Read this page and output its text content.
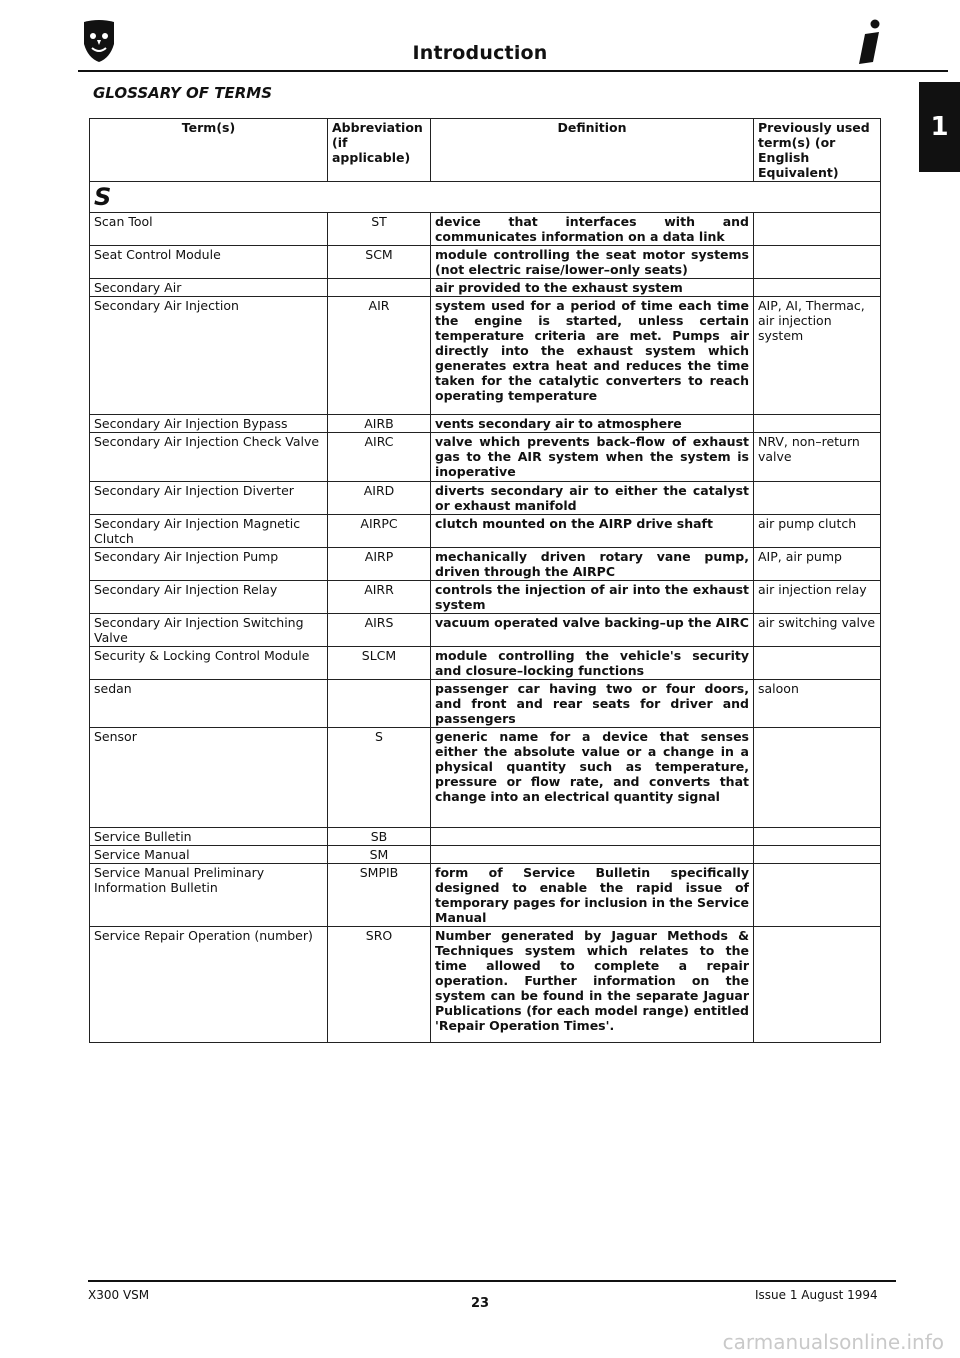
Introduction
GLOSSARY OF TERMS
1
Term(s)	Abbreviation (if applicable)	Definition	Previously used term(s) (or English Equivalent)
S			
Scan Tool	ST	device that interfaces with and communicates information on a data link	
Seat Control Module	SCM	module controlling the seat motor systems (not electric raise/lower–only seats)	
Secondary Air		air provided to the exhaust system	
Secondary Air Injection	AIR	system used for a period of time each time the engine is started, unless certain temperature criteria are met. Pumps air directly into the exhaust system which generates extra heat and reduces the time taken for the catalytic converters to reach operating temperature	AIP, AI, Thermac, air injection system
Secondary Air Injection Bypass	AIRB	vents secondary air to atmosphere	
Secondary Air Injection Check Valve	AIRC	valve which prevents back–flow of exhaust gas to the AIR system when the system is inoperative	NRV, non–return valve
Secondary Air Injection Diverter	AIRD	diverts secondary air to either the catalyst or exhaust manifold	
Secondary Air Injection Magnetic Clutch	AIRPC	clutch mounted on the AIRP drive shaft	air pump clutch
Secondary Air Injection Pump	AIRP	mechanically driven rotary vane pump, driven through the AIRPC	AIP, air pump
Secondary Air Injection Relay	AIRR	controls the injection of air into the exhaust system	air injection relay
Secondary Air Injection Switching Valve	AIRS	vacuum operated valve backing–up the AIRC	air switching valve
Security & Locking Control Module	SLCM	module controlling the vehicle's security and closure–locking functions	
sedan		passenger car having two or four doors, and front and rear seats for driver and passengers	saloon
Sensor	S	generic name for a device that senses either the absolute value or a change in a physical quantity such as temperature, pressure or flow rate, and converts that change into an electrical quantity signal	
Service Bulletin	SB		
Service Manual	SM		
Service Manual Preliminary Information Bulletin	SMPIB	form of Service Bulletin specifically designed to enable the rapid issue of temporary pages for inclusion in the Service Manual	
Service Repair Operation (number)	SRO	Number generated by Jaguar Methods & Techniques system which relates to the time allowed to complete a repair operation. Further information on the system can be found in the separate Jaguar Publications (for each model range) entitled 'Repair Operation Times'.	
X300 VSM
23
Issue 1 August 1994
carmanualsonline.info
